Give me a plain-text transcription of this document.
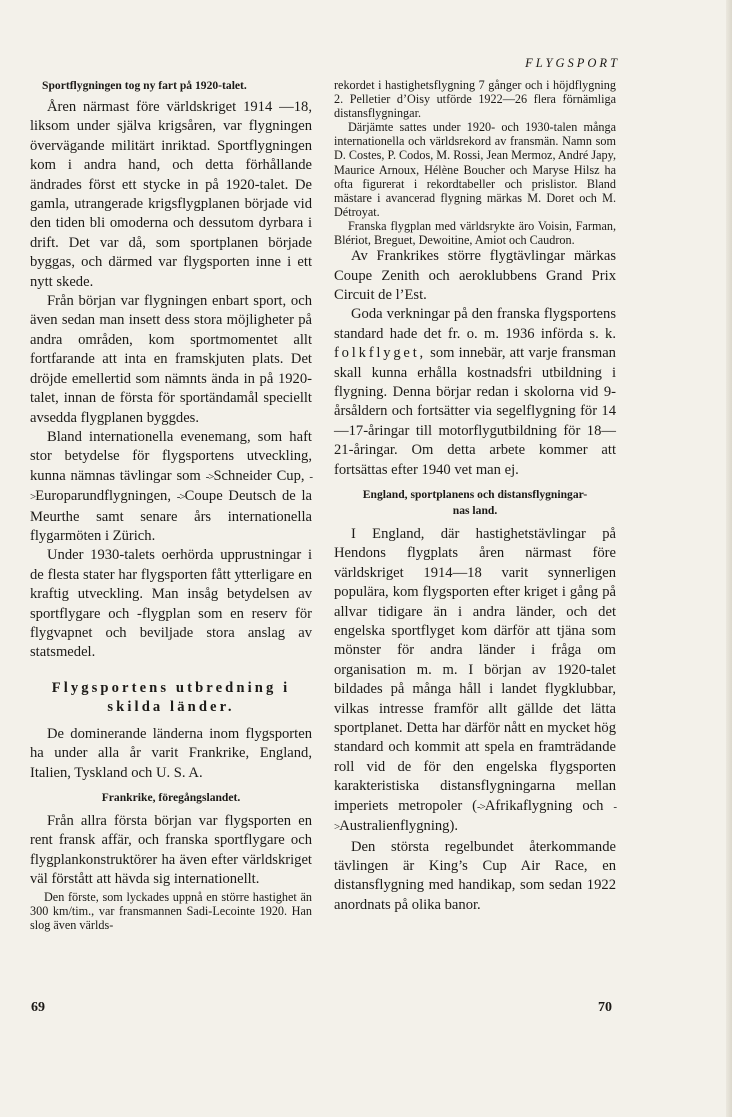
FLYGSPORT
Sportflygningen tog ny fart på 1920-talet.

Åren närmast före världskriget 1914 —18, liksom under själva krigsåren, var flygningen övervägande militärt inriktad. Sportflygningen kom i andra hand, och detta förhållande ändrades först ett stycke in på 1920-talet. De gamla, utrangerade krigsflygplanen började vid den tiden bli omoderna och dessutom dyrbara i drift. Det var då, som sportplanen började byggas, och därmed var flygsporten inne i ett nytt skede.

Från början var flygningen enbart sport, och även sedan man insett dess stora möjligheter på andra områden, kom sportmomentet allt fortfarande att inta en framskjuten plats. Det dröjde emellertid som nämnts ända in på 1920-talet, innan de första för sportändamål speciellt avsedda flygplanen byggdes.

Bland internationella evenemang, som haft stor betydelse för flygsportens utveckling, kunna nämnas tävlingar som ->Schneider Cup, ->Europarundflygningen, ->Coupe Deutsch de la Meurthe samt senare års internationella flygarmöten i Zürich.

Under 1930-talets oerhörda upprustningar i de flesta stater har flygsporten fått ytterligare en kraftig utveckling. Man insåg betydelsen av sportflygare och -flygplan som en reserv för flygvapnet och beviljade stora anslag av statsmedel.

Flygsportens utbredning i
skilda länder.

De dominerande länderna inom flygsporten ha under alla år varit Frankrike, England, Italien, Tyskland och U. S. A.

Frankrike, föregångslandet.

Från allra första början var flygsporten en rent fransk affär, och franska sportflygare och flygplankonstruktörer ha även efter världskriget väl förstått att hävda sig internationellt.

Den förste, som lyckades uppnå en större hastighet än 300 km/tim., var fransmannen Sadi-Lecointe 1920. Han slog även världs-

rekordet i hastighetsflygning 7 gånger och i höjdflygning 2. Pelletier d’Oisy utförde 1922—26 flera förnämliga distansflygningar.

Därjämte sattes under 1920- och 1930-talen många internationella och världsrekord av fransmän. Namn som D. Costes, P. Codos, M. Rossi, Jean Mermoz, André Japy, Maurice Arnoux, Hélène Boucher och Maryse Hilsz ha ofta figurerat i rekordtabeller och prislistor. Bland mästare i avancerad flygning märkas M. Doret och M. Détroyat.

Franska flygplan med världsrykte äro Voisin, Farman, Blériot, Breguet, Dewoitine, Amiot och Caudron.

Av Frankrikes större flygtävlingar märkas Coupe Zenith och aeroklubbens Grand Prix Circuit de l’Est.

Goda verkningar på den franska flygsportens standard hade det fr. o. m. 1936 införda s. k. folkflyget, som innebär, att varje fransman skall kunna erhålla kostnadsfri utbildning i flygning. Denna börjar redan i skolorna vid 9-årsåldern och fortsätter via segelflygning för 14—17-åringar till motorflygutbildning för 18—21-åringar. Om detta arbete kommer att fortsättas efter 1940 vet man ej.

England, sportplanens och distansflygningar-
nas land.

I England, där hastighetstävlingar på Hendons flygplats åren närmast före världskriget 1914—18 varit synnerligen populära, kom flygsporten efter kriget i gång på allvar tidigare än i andra länder, och det engelska sportflyget kom därför att tjäna som mönster för andra länder i fråga om organisation m. m. I början av 1920-talet bildades på många håll i landet flygklubbar, vilkas intresse framför allt gällde det lätta sportplanet. Detta har därför nått en mycket hög standard och kommit att spela en framträdande roll vid de för den engelska flygsporten karakteristiska distansflygningarna mellan imperiets metropoler (->Afrikaflygning och ->Australienflygning).

Den största regelbundet återkommande tävlingen är King’s Cup Air Race, en distansflygning med handikap, som sedan 1922 anordnats på olika banor.

69	70
